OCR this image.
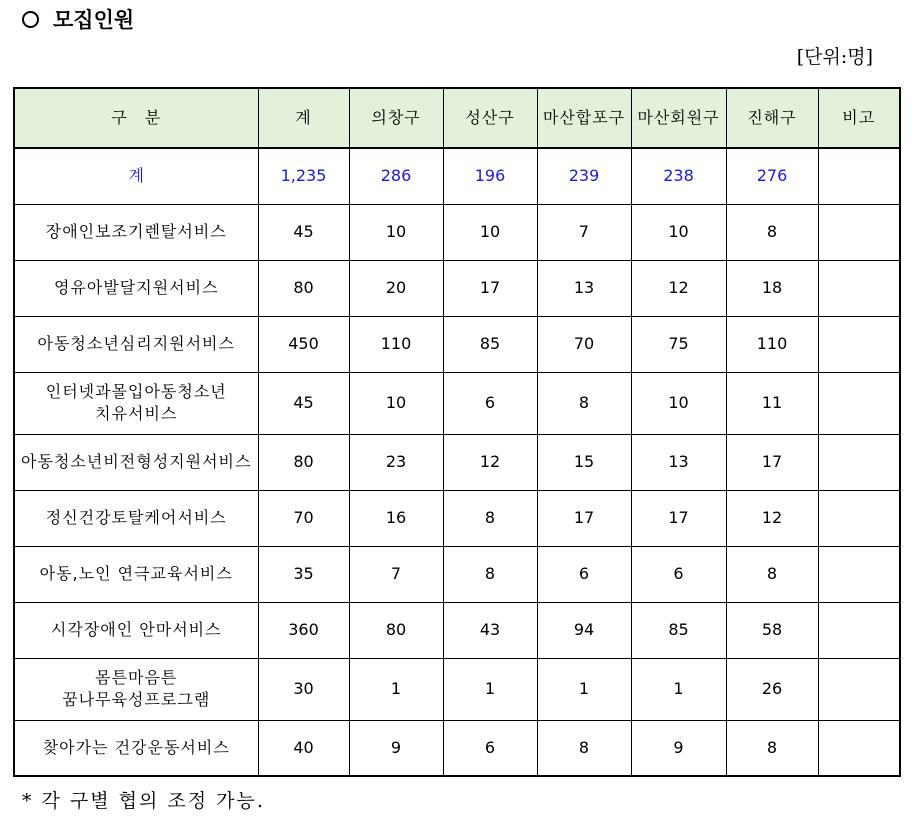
모집인원
[단위:명]
구　분	계	의창구	성산구	마산합포구	마산회원구	진해구	비고
계	1,235	286	196	239	238	276	

장애인보조기렌탈서비스	45	10	10	7	10	8	

영유아발달지원서비스	80	20	17	13	12	18	

아동청소년심리지원서비스	450	110	85	70	75	110	

인터넷과몰입아동청소년
치유서비스	45	10	6	8	10	11	

아동청소년비전형성지원서비스	80	23	12	15	13	17	

정신건강토탈케어서비스	70	16	8	17	17	12	

아동,노인 연극교육서비스	35	7	8	6	6	8	

시각장애인 안마서비스	360	80	43	94	85	58	

몸튼마음튼
꿈나무육성프로그램	30	1	1	1	1	26	

찾아가는 건강운동서비스	40	9	6	8	9	8	
* 각 구별 협의 조정 가능.
